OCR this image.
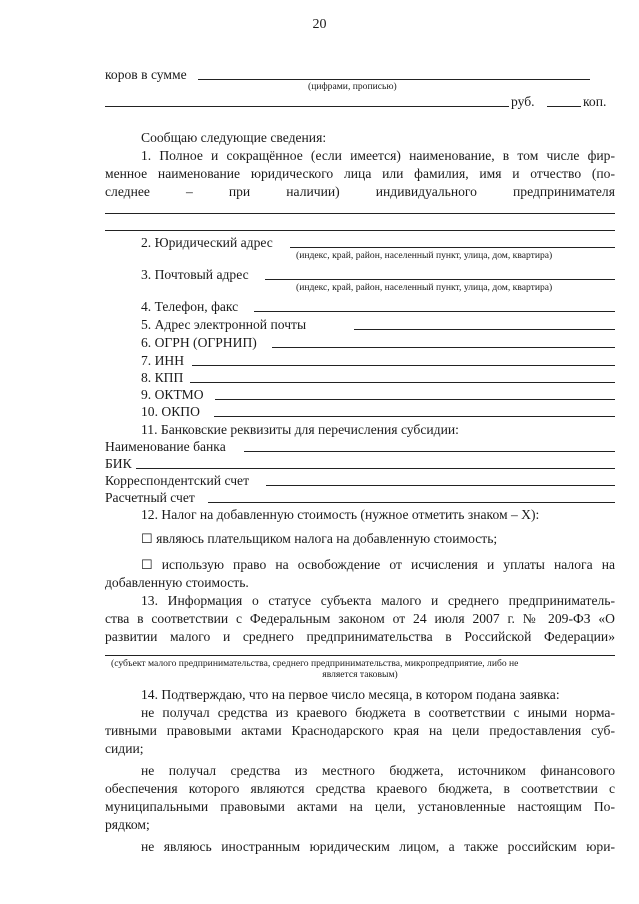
20
коров в сумме
(цифрами, прописью)
руб.	коп.
Сообщаю следующие сведения:
1. Полное и сокращённое (если имеется) наименование, в том числе фир-
менное наименование юридического лица или фамилия, имя и отчество (по-
следнее	–	при	наличии)	индивидуального	предпринимателя
2. Юридический адрес
(индекс, край, район, населенный пункт, улица, дом, квартира)
3. Почтовый адрес
(индекс, край, район, населенный пункт, улица, дом, квартира)
4. Телефон, факс
5. Адрес электронной почты
6. ОГРН (ОГРНИП)
7. ИНН
8. КПП
9. ОКТМО
10. ОКПО
11. Банковские реквизиты для перечисления субсидии:
Наименование банка
БИК
Корреспондентский счет
Расчетный счет
12. Налог на добавленную стоимость (нужное отметить знаком – Х):
☐ являюсь плательщиком налога на добавленную стоимость;
☐ использую право на освобождение от исчисления и уплаты налога на
добавленную стоимость.
13. Информация о статусе субъекта малого и среднего предприниматель-
ства в соответствии с Федеральным законом от 24 июля 2007 г. № 209-ФЗ «О
развитии малого и среднего предпринимательства в Российской Федерации»
(субъект малого предпринимательства, среднего предпринимательства, микропредприятие, либо не
является таковым)
14. Подтверждаю, что на первое число месяца, в котором подана заявка:
не получал средства из краевого бюджета в соответствии с иными норма-
тивными правовыми актами Краснодарского края на цели предоставления суб-
сидии;
не получал средства из местного бюджета, источником финансового
обеспечения которого являются средства краевого бюджета, в соответствии с
муниципальными правовыми актами на цели, установленные настоящим По-
рядком;
не являюсь иностранным юридическим лицом, а также российским юри-
